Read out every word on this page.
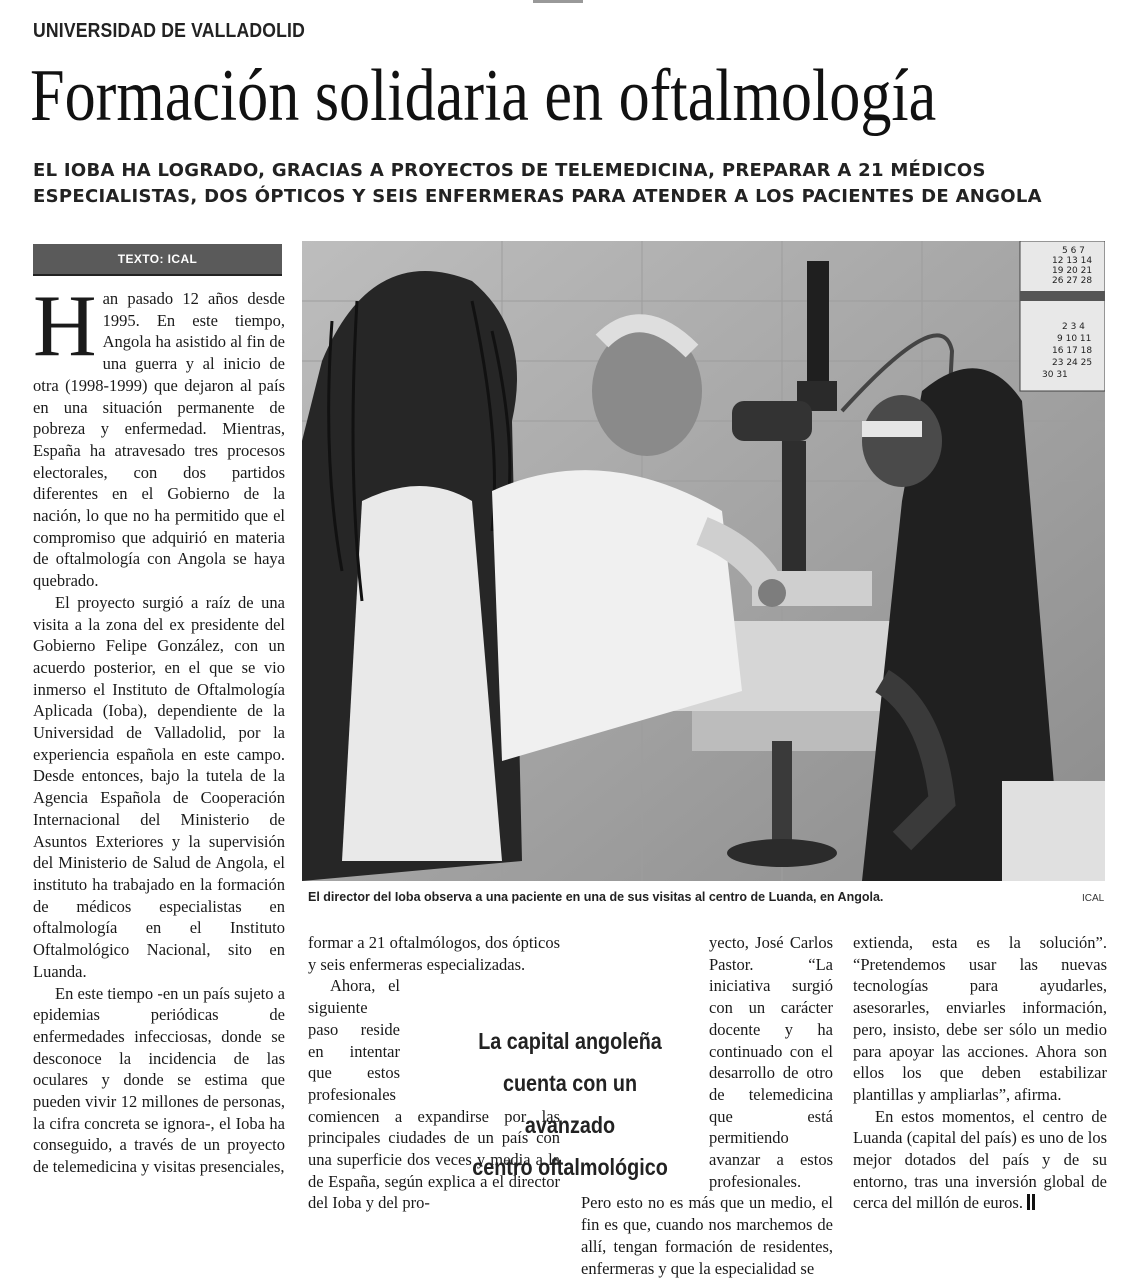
UNIVERSIDAD DE VALLADOLID
Formación solidaria en oftalmología
EL IOBA HA LOGRADO, GRACIAS A PROYECTOS DE TELEMEDICINA, PREPARAR A 21 MÉDICOS ESPECIALISTAS, DOS ÓPTICOS Y SEIS ENFERMERAS PARA ATENDER A LOS PACIENTES DE ANGOLA
TEXTO: ICAL

Han pasado 12 años desde 1995. En este tiempo, Angola ha asistido al fin de una guerra y al inicio de otra (1998-1999) que dejaron al país en una situación permanente de pobreza y enfermedad. Mientras, España ha atravesado tres procesos electorales, con dos partidos diferentes en el Gobierno de la nación, lo que no ha permitido que el compromiso que adquirió en materia de oftalmología con Angola se haya quebrado.

El proyecto surgió a raíz de una visita a la zona del ex presidente del Gobierno Felipe González, con un acuerdo posterior, en el que se vio inmerso el Instituto de Oftalmología Aplicada (Ioba), dependiente de la Universidad de Valladolid, por la experiencia española en este campo. Desde entonces, bajo la tutela de la Agencia Española de Cooperación Internacional del Ministerio de Asuntos Exteriores y la supervisión del Ministerio de Salud de Angola, el instituto ha trabajado en la formación de médicos especialistas en oftalmología en el Instituto Oftalmológico Nacional, sito en Luanda.

En este tiempo -en un país sujeto a epidemias periódicas de enfermedades infecciosas, donde se desconoce la incidencia de las oculares y donde se estima que pueden vivir 12 millones de personas, la cifra concreta se ignora-, el Ioba ha conseguido, a través de un proyecto de telemedicina y visitas presenciales,

5 6 7
12 13 14
19 20 21
26 27 28
2 3 4
9 10 11
16 17 18
23 24 25
30 31
El director del Ioba observa a una paciente en una de sus visitas al centro de Luanda, en Angola.	ICAL

formar a 21 oftalmólogos, dos ópticos y seis enfermeras especializadas.

Ahora, el siguiente paso reside en intentar que estos profesionales comiencen a expandirse por las principales ciudades de un país con una superficie dos veces y media a la de España, según explica a el director del Ioba y del pro-

yecto, José Carlos Pastor. “La iniciativa surgió con un carácter docente y ha continuado con el desarrollo de otro de telemedicina que está permitiendo avanzar a estos profesionales. Pero esto no es más que un medio, el fin es que, cuando nos marchemos de allí, tengan formación de residentes, enfermeras y que la especialidad se

La capital angoleña
cuenta con un avanzado
centro oftalmológico

extienda, esta es la solución”. “Pretendemos usar las nuevas tecnologías para ayudarles, asesorarles, enviarles información, pero, insisto, debe ser sólo un medio para apoyar las acciones. Ahora son ellos los que deben estabilizar plantillas y ampliarlas”, afirma.

En estos momentos, el centro de Luanda (capital del país) es uno de los mejor dotados del país y de su entorno, tras una inversión global de cerca del millón de euros.
